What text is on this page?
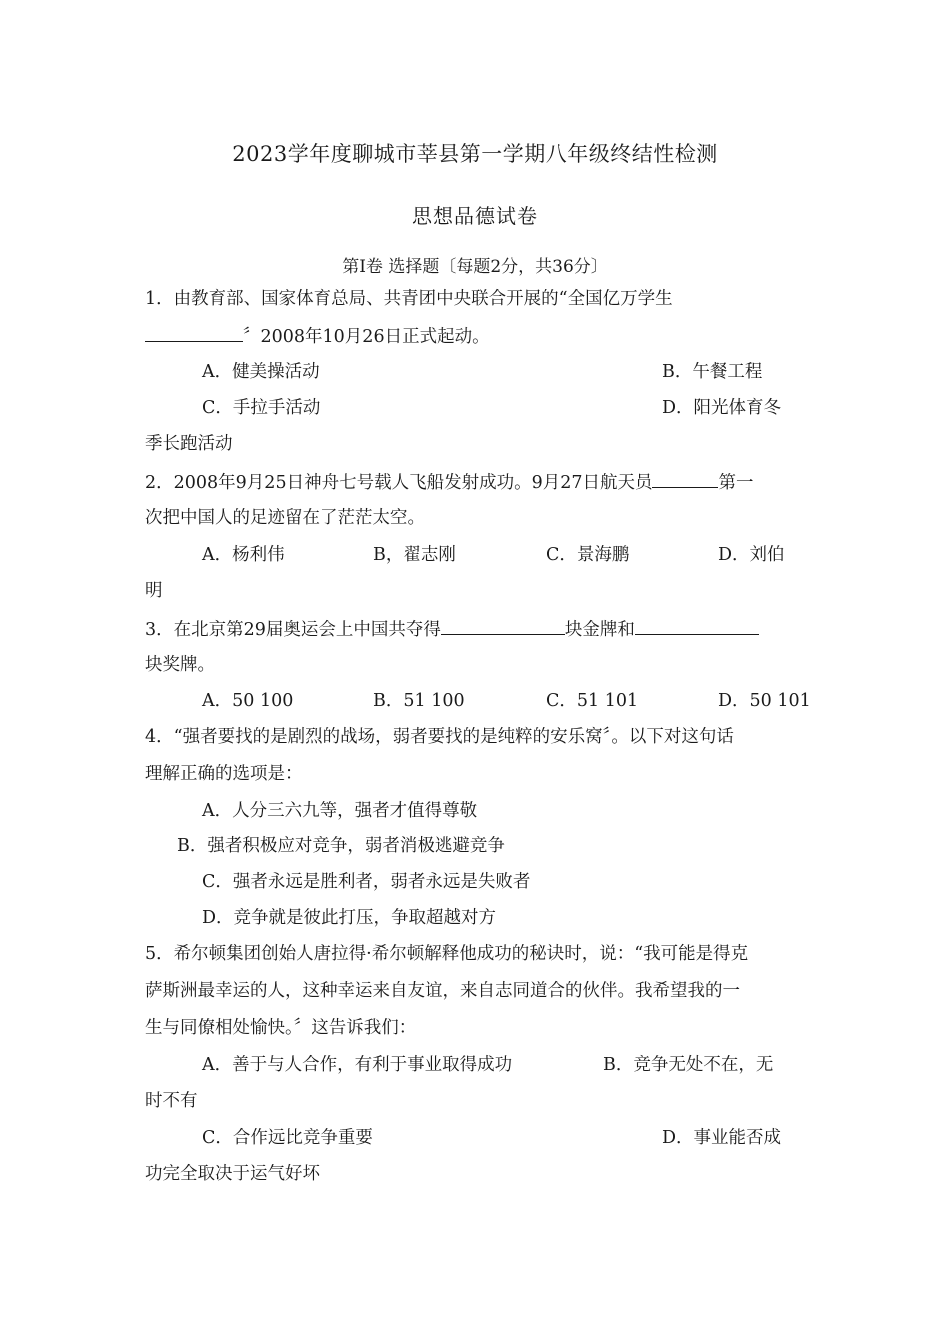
2023学年度聊城市莘县第一学期八年级终结性检测
思想品德试卷
第Ⅰ卷 选择题〔每题2分，共36分〕
1．由教育部、国家体育总局、共青团中央联合开展的“全国亿万学生
〞2008年10月26日正式起动。
A．健美操活动	B．午餐工程
C．手拉手活动	D．阳光体育冬
季长跑活动
2．2008年9月25日神舟七号载人飞船发射成功。9月27日航天员	第一
次把中国人的足迹留在了茫茫太空。
A．杨利伟	B，翟志刚	C．景海鹏	D．刘伯
明
3．在北京第29届奥运会上中国共夺得	块金牌和
块奖牌。
A．50 100	B．51 100	C．51 101	D．50 101
4．“强者要找的是剧烈的战场，弱者要找的是纯粹的安乐窝〞。以下对这句话
理解正确的选项是：
A．人分三六九等，强者才值得尊敬
B．强者积极应对竞争，弱者消极逃避竞争
C．强者永远是胜利者，弱者永远是失败者
D．竞争就是彼此打压，争取超越对方
5．希尔顿集团创始人唐拉得·希尔顿解释他成功的秘诀时，说：“我可能是得克
萨斯洲最幸运的人，这种幸运来自友谊，来自志同道合的伙伴。我希望我的一
生与同僚相处愉快。〞这告诉我们：
A．善于与人合作，有利于事业取得成功	B．竞争无处不在，无
时不有
C．合作远比竞争重要	D．事业能否成
功完全取决于运气好坏
